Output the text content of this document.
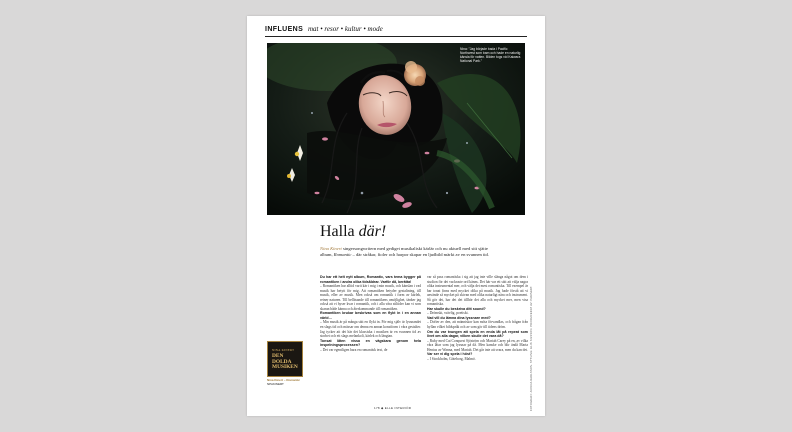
INFLUENS mat • resor • kultur • mode
Nina: ”Jag började bada i Pacific Northwest som barn och hade en naturlig känsla för vatten. Bilden togs vid Kaiwara National Park.”
Halla där!
Nina Kinert singersongwritern med gediget musikaliskt kärlär och nu aktuell med sitt sjätte album, Romantic – där stråkar, fioler och harpor skapar en ljudbild märkt av en svunnen tid.
Du har ett helt nytt album, Romantic, vars tema bygger på romantiken i andra olika tidsåldrar. Varför då, berätta!
– Romantiken har alltid varit kär i mig i min musik, och känslan i vad musik har betytt för mig. Att romantiken betyder gestaltning, till musik, eller av musik. Men också om romantik i form av kärlek, reiner naturen. Till belläsande till romantikens omöjlighet, tänker jag också att vi hyser kvar i romantik, och i alla våra stiltider kan vi som skaran både känna och återkommande till romantiken.
Romantiken brukar beskrivas som en flykt in i en annan värld…
– Min musik är på många sätt en flykt in. För mig själv är lyssnandet en slags tid och mässar om denna en annan konstform i våra gestalter. Jag tycker att det här det klassiska i musiken är en svunnen tid av storhet och ett slags melankoli, kärlek och längtan.
Tonsat låten vissa en vägskara genom hela inspelningsprocessen?
– Det var egentligen bara en romantisk text, de
var så pass romantiska i sig att jag inte ville slänga något om dem i studion för det vackraste ord känns. Det här var ett sätt att välja nagra olika instrumental mer, och välja det mest romantiska. Till exempel är bar tonat finns med mycket olika på musik. Jag hade förstå att vi använde så mycket på skivan med olika naturligt nära och instrument. Så gör det, har det det tillhör det alla och mycket mer, men visa romantiska.
Har skulle du beskriva ditt sound?
– Drömskt, svävlig, poetiskt.
Vad vill du lämna dina lyssnare med?
– Dofter av den, att människor kan möta förvandlas, och frågan från hyllan vilket bildspråk och av som gör till tidens dröm.
Om du var tvungen att spela en enda låt på repeat som livet om alla dagar, vilken skulle det vara då?
– Ruby med Cat Conquest Sjöström och Mariah Carey på en, av vilka våra låtar som jag lyssnar på då. Men kanske och blir ändå Maria Henius av Wanna, med Mariah. Det går inte att svara, men du kan det.
Var ser vi dig spela i höst?
– I Stockholm, Göteborg, Malmö.
NINA KINERT
DEN DOLDA MUSIKEN
Nina Kinert – Romantic
NPAKINERT
178 ◆ ELLE INTERIÖR	FOTOGRAFI: ANNICA KARLSSON. STYLING: ELIN NILSSON. PRODUCERAT AV: PAKINERT.
